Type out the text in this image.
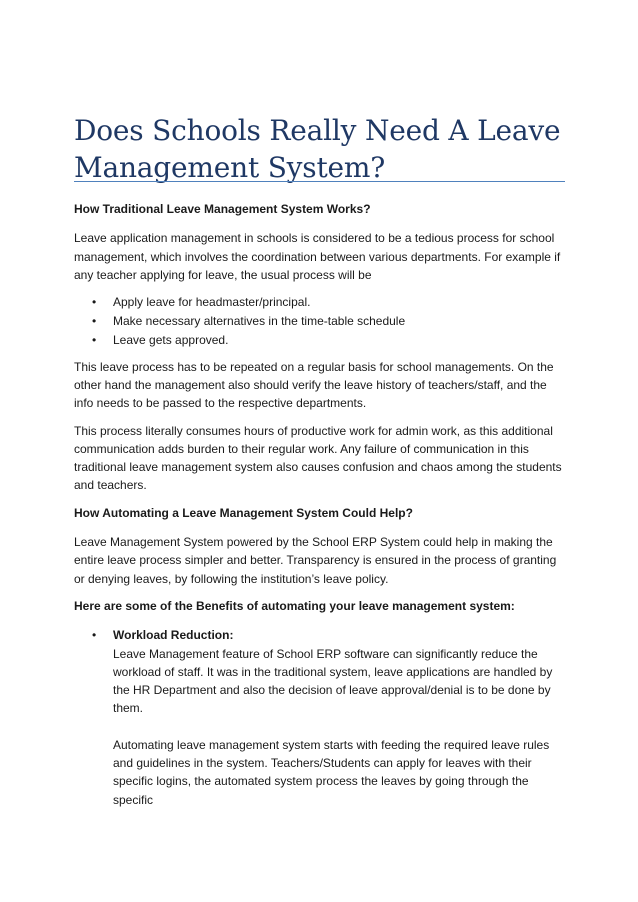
Does Schools Really Need A Leave Management System?

How Traditional Leave Management System Works?

Leave application management in schools is considered to be a tedious process for school management, which involves the coordination between various departments. For example if any teacher applying for leave, the usual process will be

• Apply leave for headmaster/principal.
• Make necessary alternatives in the time-table schedule
• Leave gets approved.

This leave process has to be repeated on a regular basis for school managements. On the other hand the management also should verify the leave history of teachers/staff, and the info needs to be passed to the respective departments.

This process literally consumes hours of productive work for admin work, as this additional communication adds burden to their regular work. Any failure of communication in this traditional leave management system also causes confusion and chaos among the students and teachers.

How Automating a Leave Management System Could Help?

Leave Management System powered by the School ERP System could help in making the entire leave process simpler and better. Transparency is ensured in the process of granting or denying leaves, by following the institution’s leave policy.

Here are some of the Benefits of automating your leave management system:

• Workload Reduction:

Leave Management feature of School ERP software can significantly reduce the workload of staff. It was in the traditional system, leave applications are handled by the HR Department and also the decision of leave approval/denial is to be done by them.

Automating leave management system starts with feeding the required leave rules and guidelines in the system. Teachers/Students can apply for leaves with their specific logins, the automated system process the leaves by going through the specific
